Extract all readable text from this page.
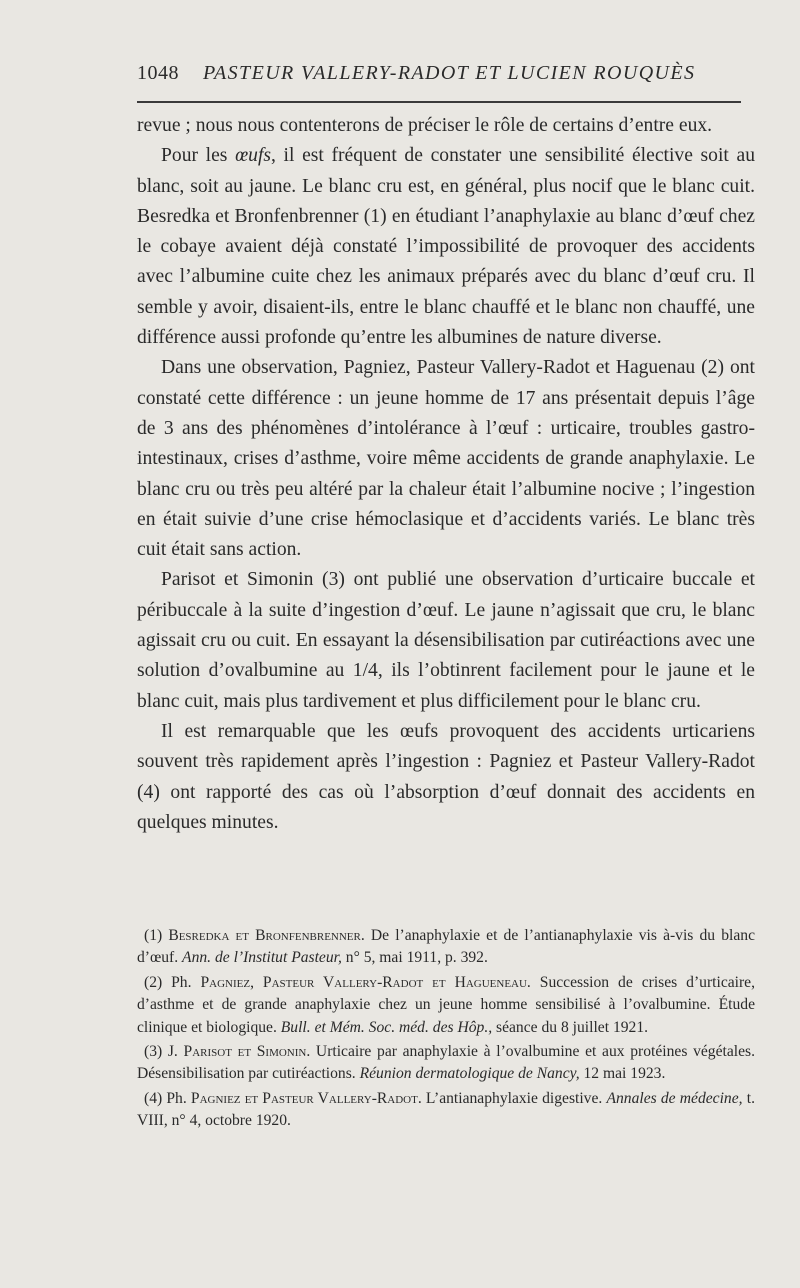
1048 PASTEUR VALLERY-RADOT ET LUCIEN ROUQUÈS

revue ; nous nous contenterons de préciser le rôle de certains d’entre eux.

Pour les œufs, il est fréquent de constater une sensibilité élective soit au blanc, soit au jaune. Le blanc cru est, en général, plus nocif que le blanc cuit. Besredka et Bronfenbrenner (1) en étudiant l’anaphylaxie au blanc d’œuf chez le cobaye avaient déjà constaté l’impossibilité de provoquer des accidents avec l’albumine cuite chez les animaux préparés avec du blanc d’œuf cru. Il semble y avoir, disaient-ils, entre le blanc chauffé et le blanc non chauffé, une différence aussi profonde qu’entre les albumines de nature diverse.

Dans une observation, Pagniez, Pasteur Vallery-Radot et Haguenau (2) ont constaté cette différence : un jeune homme de 17 ans présentait depuis l’âge de 3 ans des phénomènes d’intolérance à l’œuf : urticaire, troubles gastro-intestinaux, crises d’asthme, voire même accidents de grande anaphylaxie. Le blanc cru ou très peu altéré par la chaleur était l’albumine nocive ; l’ingestion en était suivie d’une crise hémoclasique et d’accidents variés. Le blanc très cuit était sans action.

Parisot et Simonin (3) ont publié une observation d’urticaire buccale et péribuccale à la suite d’ingestion d’œuf. Le jaune n’agissait que cru, le blanc agissait cru ou cuit. En essayant la désensibilisation par cutiréactions avec une solution d’ovalbumine au 1/4, ils l’obtinrent facilement pour le jaune et le blanc cuit, mais plus tardivement et plus difficilement pour le blanc cru.

Il est remarquable que les œufs provoquent des accidents urticariens souvent très rapidement après l’ingestion : Pagniez et Pasteur Vallery-Radot (4) ont rapporté des cas où l’absorption d’œuf donnait des accidents en quelques minutes.

(1) Besredka et Bronfenbrenner. De l’anaphylaxie et de l’antianaphylaxie vis à-vis du blanc d’œuf. Ann. de l’Institut Pasteur, n° 5, mai 1911, p. 392.

(2) Ph. Pagniez, Pasteur Vallery-Radot et Hagueneau. Succession de crises d’urticaire, d’asthme et de grande anaphylaxie chez un jeune homme sensibilisé à l’ovalbumine. Étude clinique et biologique. Bull. et Mém. Soc. méd. des Hôp., séance du 8 juillet 1921.

(3) J. Parisot et Simonin. Urticaire par anaphylaxie à l’ovalbumine et aux protéines végétales. Désensibilisation par cutiréactions. Réunion dermatologique de Nancy, 12 mai 1923.

(4) Ph. Pagniez et Pasteur Vallery-Radot. L’antianaphylaxie digestive. Annales de médecine, t. VIII, n° 4, octobre 1920.
